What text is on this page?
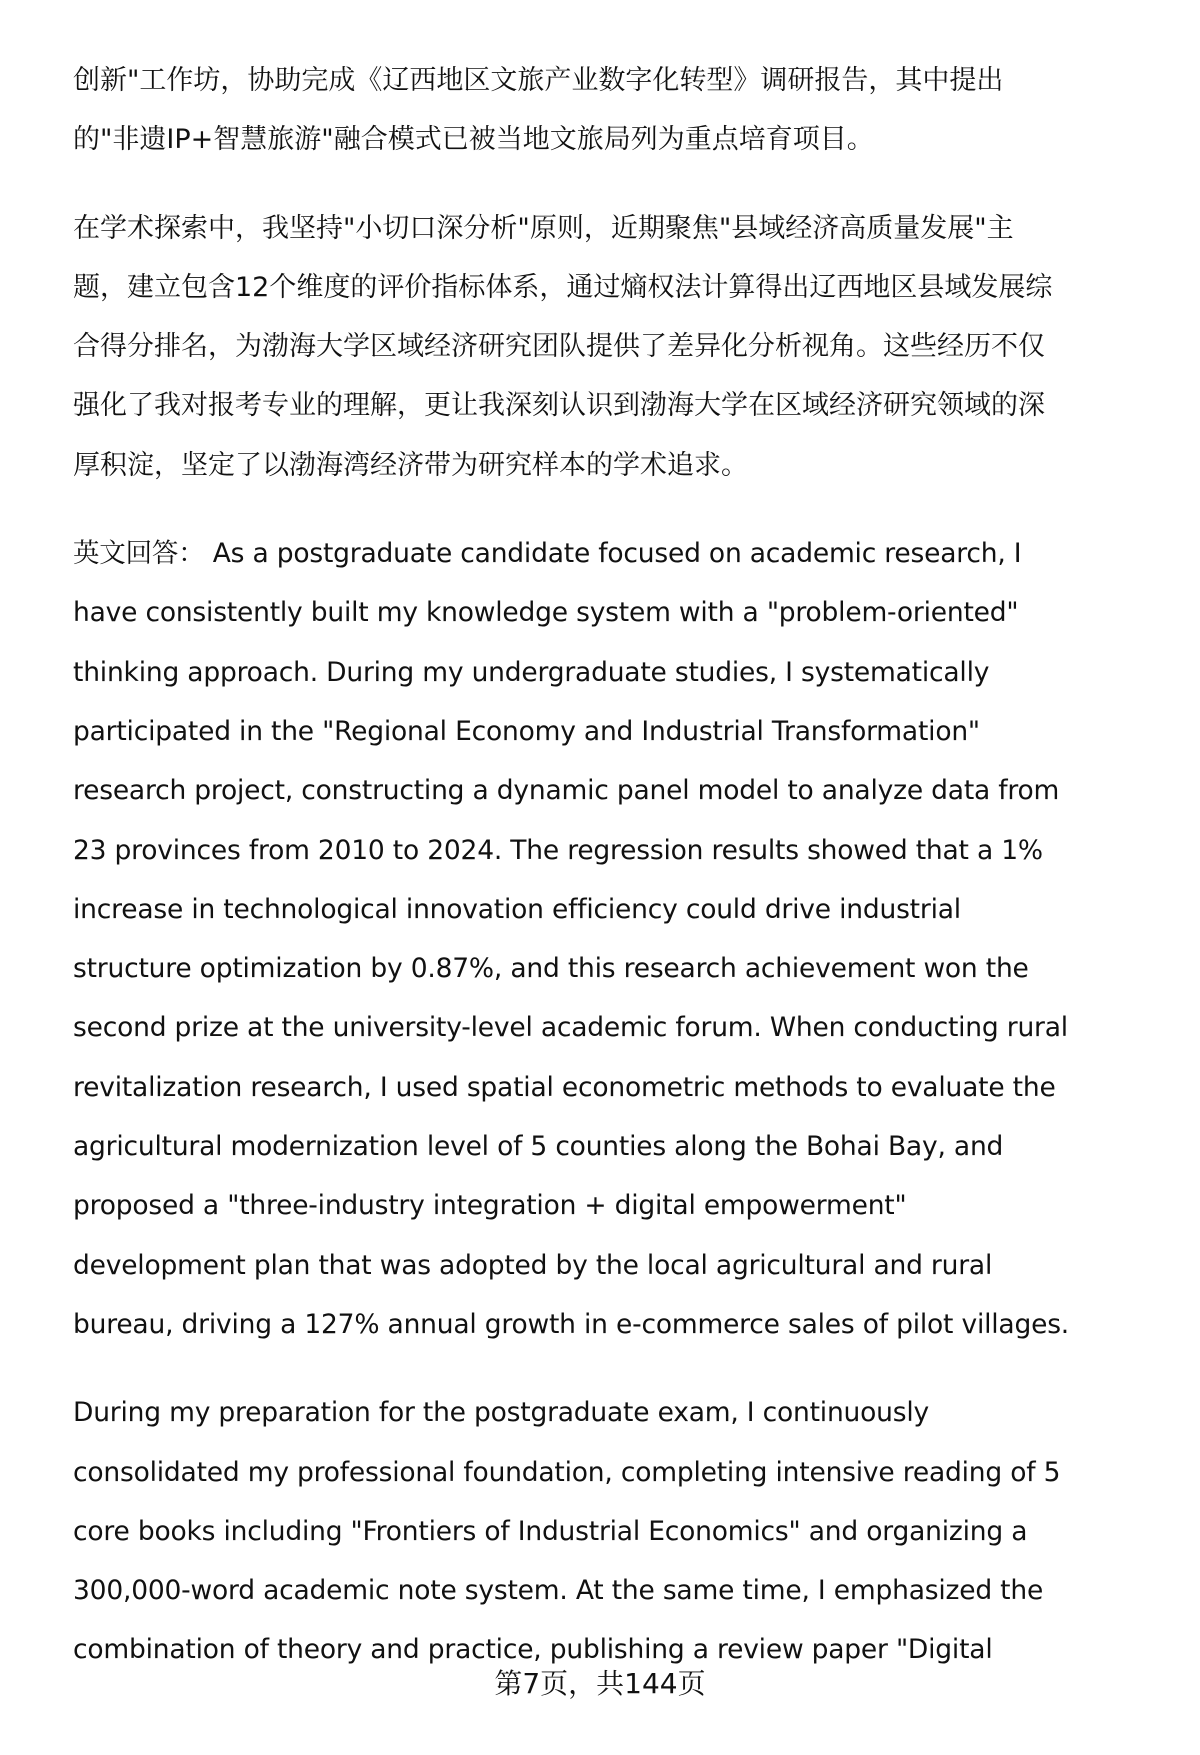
创新"工作坊，协助完成《辽西地区文旅产业数字化转型》调研报告，其中提出
的"非遗IP+智慧旅游"融合模式已被当地文旅局列为重点培育项目。
在学术探索中，我坚持"小切口深分析"原则，近期聚焦"县域经济高质量发展"主
题，建立包含12个维度的评价指标体系，通过熵权法计算得出辽西地区县域发展综
合得分排名，为渤海大学区域经济研究团队提供了差异化分析视角。这些经历不仅
强化了我对报考专业的理解，更让我深刻认识到渤海大学在区域经济研究领域的深
厚积淀，坚定了以渤海湾经济带为研究样本的学术追求。
英文回答： As a postgraduate candidate focused on academic research, I
have consistently built my knowledge system with a "problem-oriented"
thinking approach. During my undergraduate studies, I systematically
participated in the "Regional Economy and Industrial Transformation"
research project, constructing a dynamic panel model to analyze data from
23 provinces from 2010 to 2024. The regression results showed that a 1%
increase in technological innovation efficiency could drive industrial
structure optimization by 0.87%, and this research achievement won the
second prize at the university-level academic forum. When conducting rural
revitalization research, I used spatial econometric methods to evaluate the
agricultural modernization level of 5 counties along the Bohai Bay, and
proposed a "three-industry integration + digital empowerment"
development plan that was adopted by the local agricultural and rural
bureau, driving a 127% annual growth in e-commerce sales of pilot villages.
During my preparation for the postgraduate exam, I continuously
consolidated my professional foundation, completing intensive reading of 5
core books including "Frontiers of Industrial Economics" and organizing a
300,000-word academic note system. At the same time, I emphasized the
combination of theory and practice, publishing a review paper "Digital
第7页，共144页
